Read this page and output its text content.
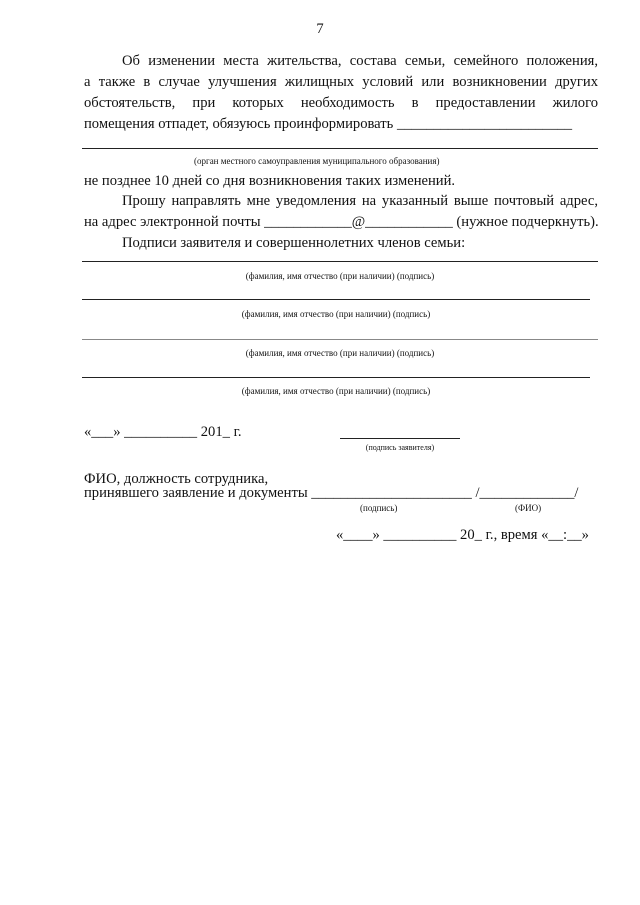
7
Об изменении места жительства, состава семьи, семейного положения,
а также в случае улучшения жилищных условий или возникновении других
обстоятельств, при которых необходимость в предоставлении жилого
помещения отпадет, обязуюсь проинформировать ________________________
(орган местного самоуправления муниципального образования)
не позднее 10 дней со дня возникновения таких изменений.
Прошу направлять мне уведомления на указанный выше почтовый адрес,
на адрес электронной почты ____________@____________ (нужное подчеркнуть).
Подписи заявителя и совершеннолетних членов семьи:
(фамилия, имя отчество (при наличии) (подпись)
(фамилия, имя отчество (при наличии) (подпись)
(фамилия, имя отчество (при наличии) (подпись)
(фамилия, имя отчество (при наличии) (подпись)
«___» __________ 201_ г.
(подпись заявителя)
ФИО, должность сотрудника,
принявшего заявление и документы ______________________ /_____________/
(подпись)	(ФИО)
«____» __________ 20_ г., время «__:__»
